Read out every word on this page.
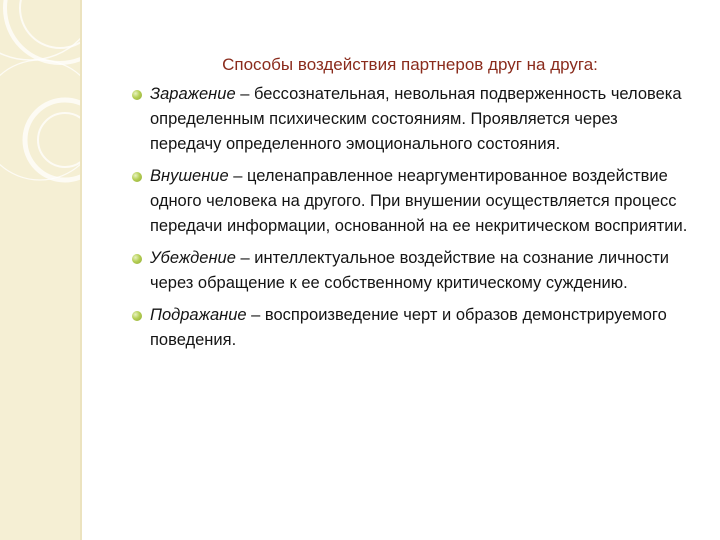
Способы воздействия партнеров друг на друга:
Заражение – бессознательная, невольная подверженность человека определенным психическим состояниям. Проявляется через передачу определенного эмоционального состояния.
Внушение – целенаправленное неаргументированное воздействие одного человека на другого. При внушении осуществляется процесс передачи информации, основанной на ее некритическом восприятии.
Убеждение – интеллектуальное воздействие на сознание личности через обращение к ее собственному критическому суждению.
Подражание – воспроизведение черт и образов демонстрируемого поведения.
